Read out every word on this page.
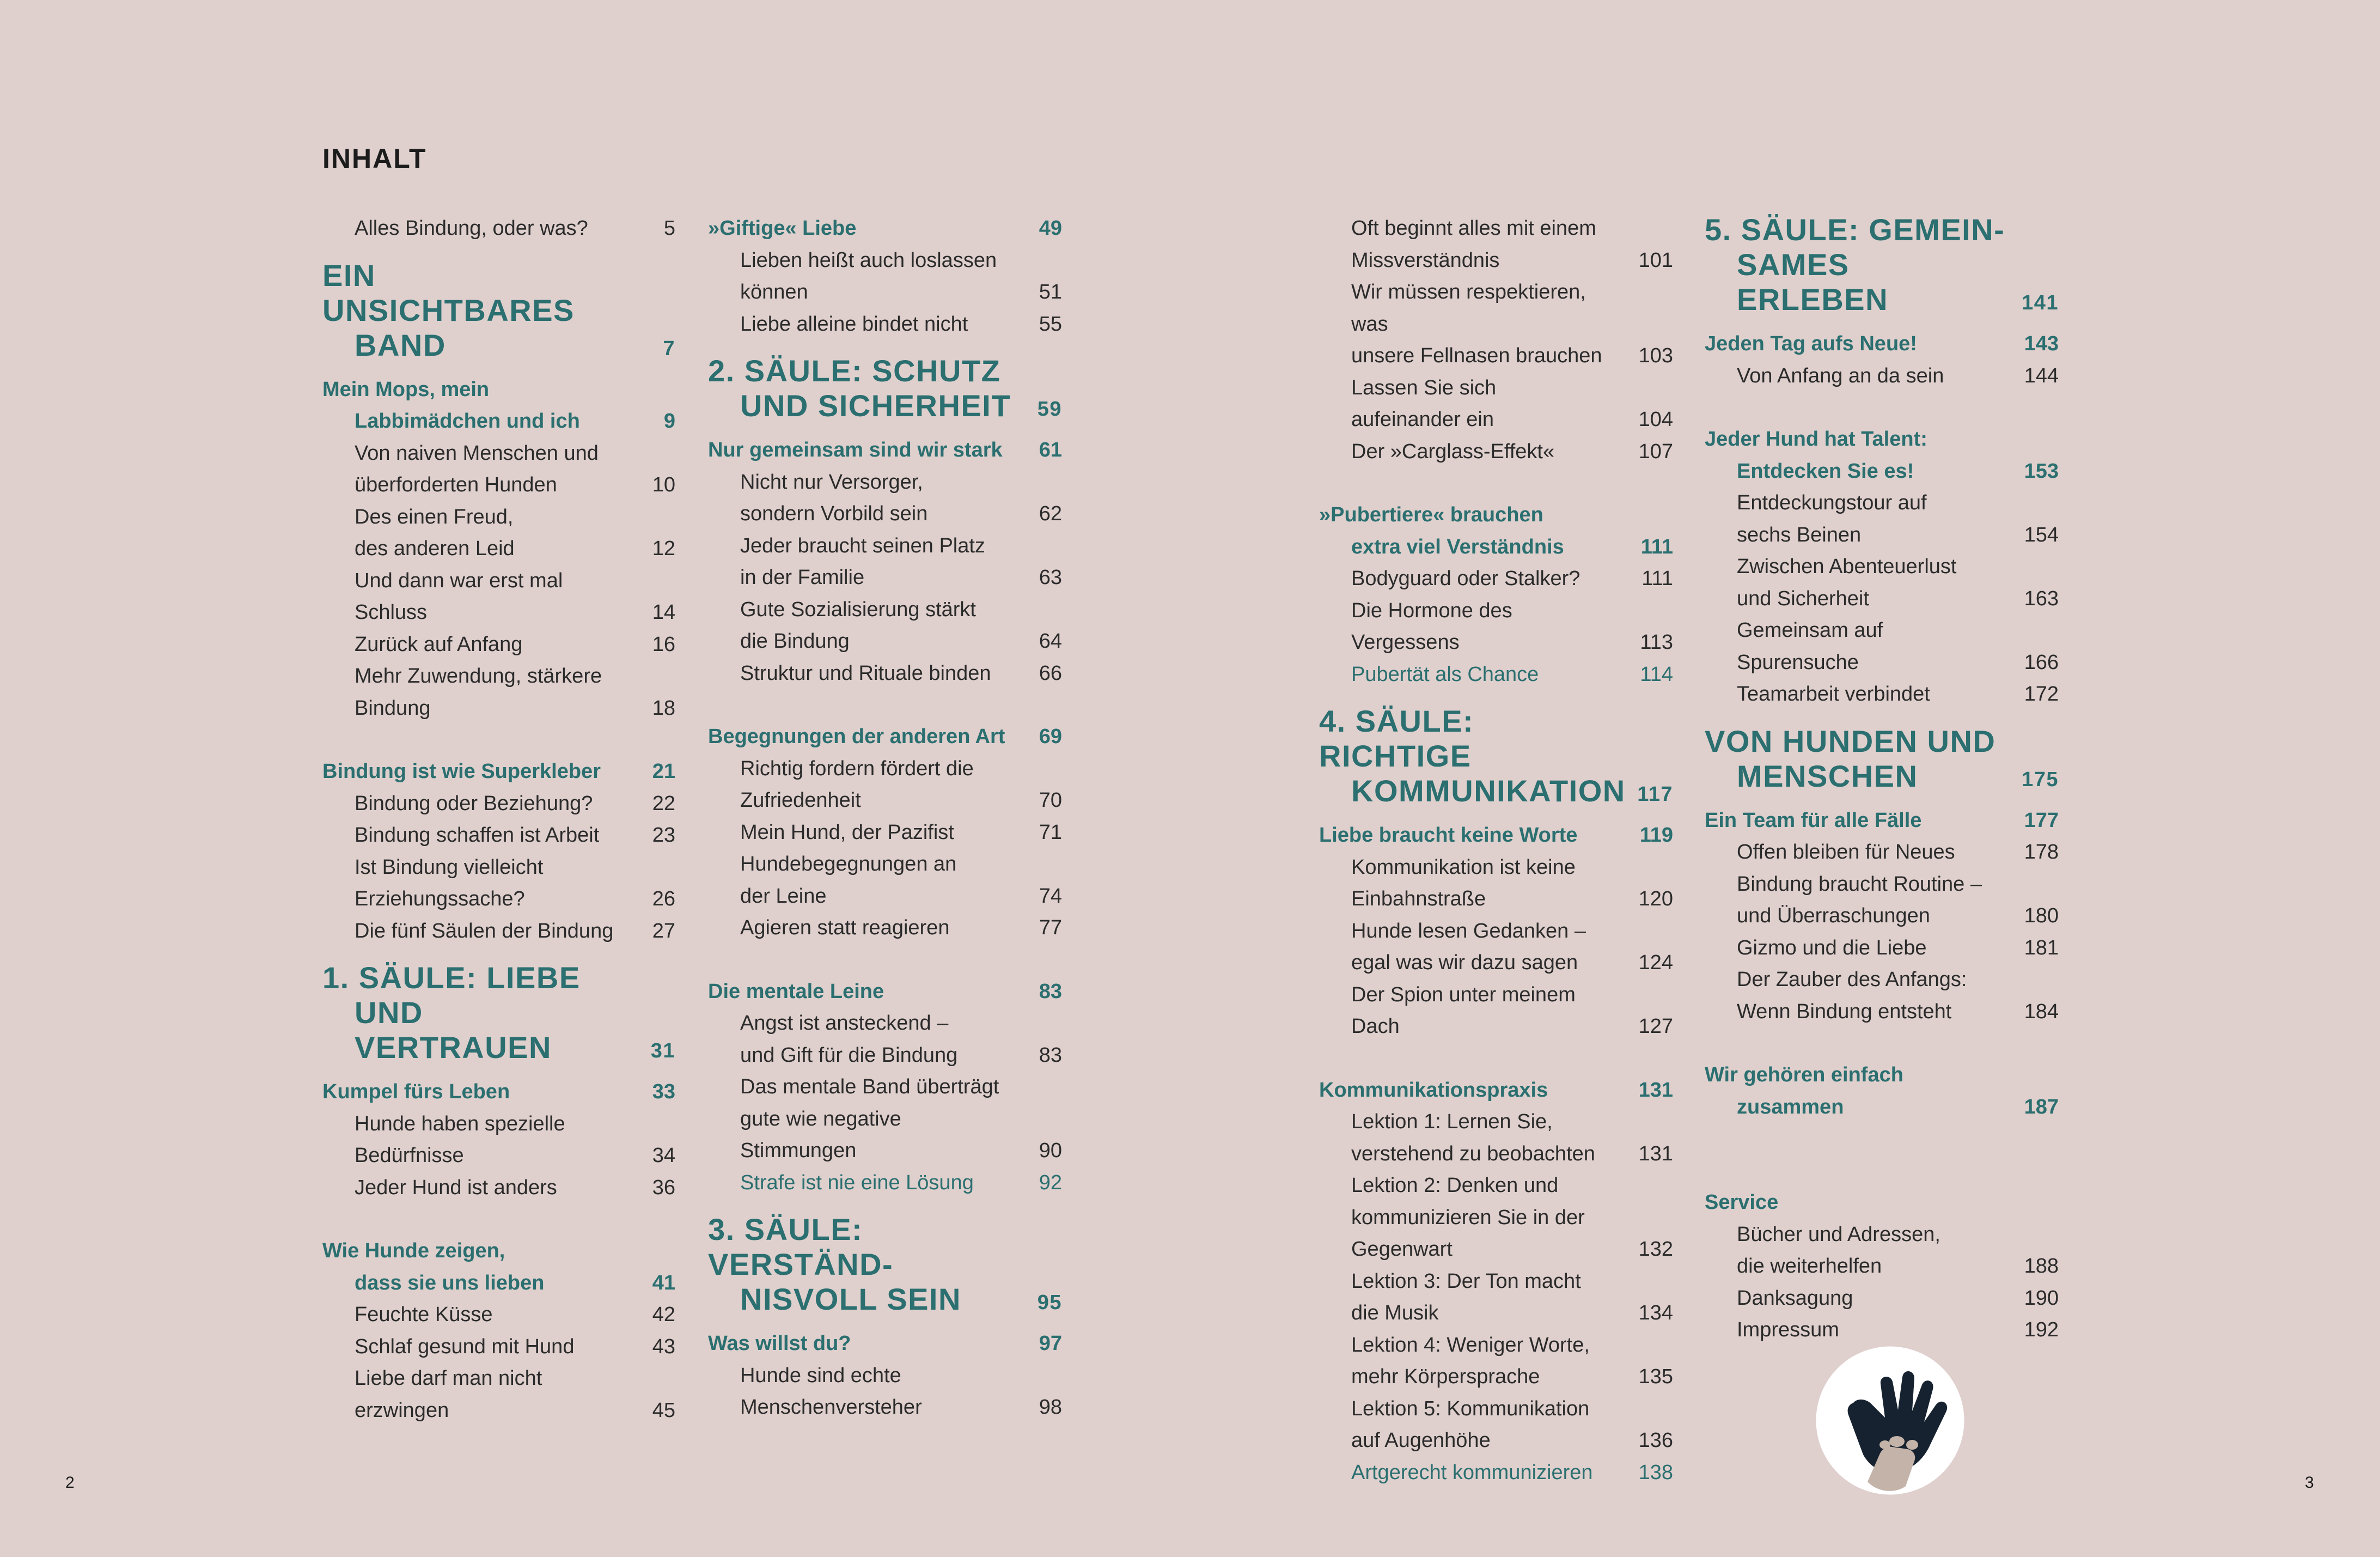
INHALT
Alles Bindung, oder was?	5
EIN UNSICHTBARES
BAND	7
Mein Mops, mein
Labbimädchen und ich	9
Von naiven Menschen und
überforderten Hunden	10
Des einen Freud,
des anderen Leid	12
Und dann war erst mal
Schluss	14
Zurück auf Anfang	16
Mehr Zuwendung, stärkere
Bindung	18
Bindung ist wie Superkleber	21
Bindung oder Beziehung?	22
Bindung schaffen ist Arbeit	23
Ist Bindung vielleicht
Erziehungssache?	26
Die fünf Säulen der Bindung	27
1. SÄULE: LIEBE
UND VERTRAUEN	31
Kumpel fürs Leben	33
Hunde haben spezielle
Bedürfnisse	34
Jeder Hund ist anders	36
Wie Hunde zeigen,
dass sie uns lieben	41
Feuchte Küsse	42
Schlaf gesund mit Hund	43
Liebe darf man nicht
erzwingen	45
»Giftige« Liebe	49
Lieben heißt auch loslassen
können	51
Liebe alleine bindet nicht	55
2. SÄULE: SCHUTZ
UND SICHERHEIT 59
Nur gemeinsam sind wir stark	61
Nicht nur Versorger,
sondern Vorbild sein	62
Jeder braucht seinen Platz
in der Familie	63
Gute Sozialisierung stärkt
die Bindung	64
Struktur und Rituale binden	66
Begegnungen der anderen Art	69
Richtig fordern fördert die
Zufriedenheit	70
Mein Hund, der Pazifist	71
Hundebegegnungen an
der Leine	74
Agieren statt reagieren	77
Die mentale Leine	83
Angst ist ansteckend –
und Gift für die Bindung	83
Das mentale Band überträgt
gute wie negative Stimmungen	90
Strafe ist nie eine Lösung	92
3. SÄULE: VERSTÄND-
NISVOLL SEIN	95
Was willst du?	97
Hunde sind echte
Menschenversteher	98
Oft beginnt alles mit einem
Missverständnis	101
Wir müssen respektieren, was
unsere Fellnasen brauchen	103
Lassen Sie sich
aufeinander ein	104
Der »Carglass-Effekt«	107
»Pubertiere« brauchen
extra viel Verständnis	111
Bodyguard oder Stalker?	111
Die Hormone des Vergessens	113
Pubertät als Chance	114
4. SÄULE: RICHTIGE
KOMMUNIKATION 117
Liebe braucht keine Worte	119
Kommunikation ist keine
Einbahnstraße	120
Hunde lesen Gedanken –
egal was wir dazu sagen	124
Der Spion unter meinem
Dach	127
Kommunikationspraxis	131
Lektion 1: Lernen Sie,
verstehend zu beobachten	131
Lektion 2: Denken und
kommunizieren Sie in der
Gegenwart	132
Lektion 3: Der Ton macht
die Musik	134
Lektion 4: Weniger Worte,
mehr Körpersprache	135
Lektion 5: Kommunikation
auf Augenhöhe	136
Artgerecht kommunizieren	138
5. SÄULE: GEMEIN-
SAMES ERLEBEN	141
Jeden Tag aufs Neue!	143
Von Anfang an da sein	144
Jeder Hund hat Talent:
Entdecken Sie es!	153
Entdeckungstour auf
sechs Beinen	154
Zwischen Abenteuerlust
und Sicherheit	163
Gemeinsam auf Spurensuche	166
Teamarbeit verbindet	172
VON HUNDEN UND
MENSCHEN	175
Ein Team für alle Fälle	177
Offen bleiben für Neues	178
Bindung braucht Routine –
und Überraschungen	180
Gizmo und die Liebe	181
Der Zauber des Anfangs:
Wenn Bindung entsteht	184
Wir gehören einfach
zusammen	187
Service
Bücher und Adressen,
die weiterhelfen	188
Danksagung	190
Impressum	192
2	3
